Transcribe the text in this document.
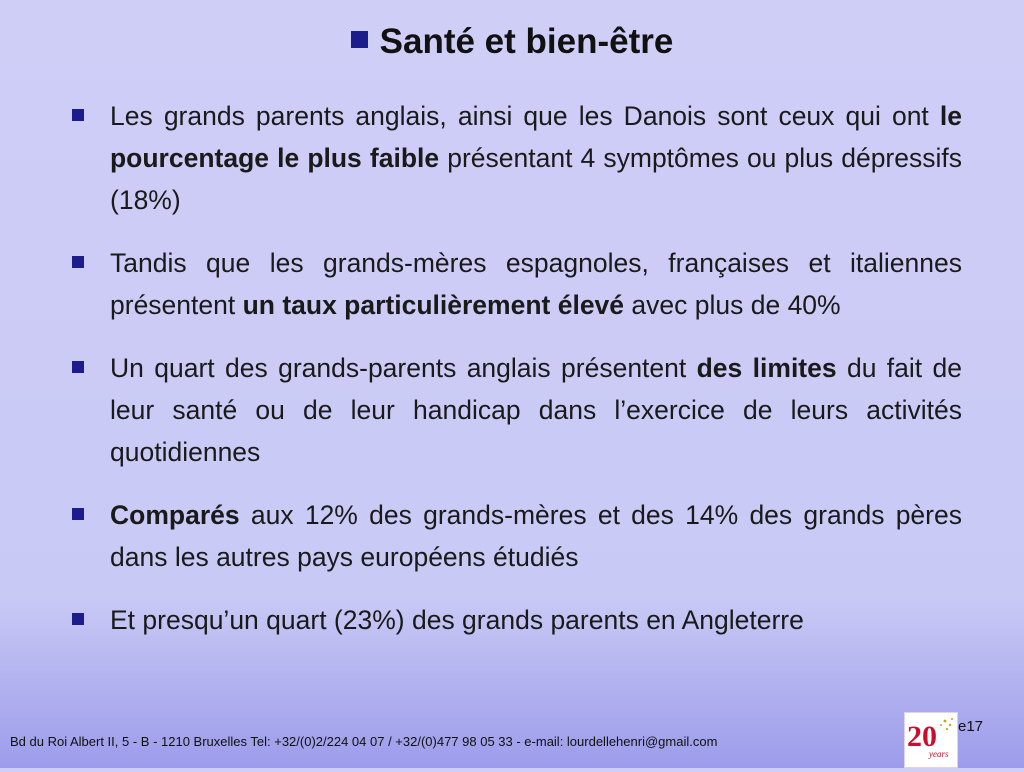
Santé et bien-être
Les grands parents anglais, ainsi que les Danois sont ceux qui ont le pourcentage le plus faible présentant 4 symptômes ou plus dépressifs (18%)
Tandis que les grands-mères espagnoles, françaises et italiennes présentent un taux particulièrement élevé avec plus de 40%
Un quart des grands-parents anglais présentent des limites du fait de leur santé ou de leur handicap dans l’exercice de leurs activités quotidiennes
Comparés aux 12% des grands-mères et des 14% des grands pères dans les autres pays européens étudiés
Et presqu’un quart (23%) des grands parents en Angleterre
Bd du Roi Albert II, 5 - B - 1210 Bruxelles Tel: +32/(0)2/224 04 07 / +32/(0)477 98 05 33 - e-mail: lourdellehenri@gmail.com	20
years
e17
